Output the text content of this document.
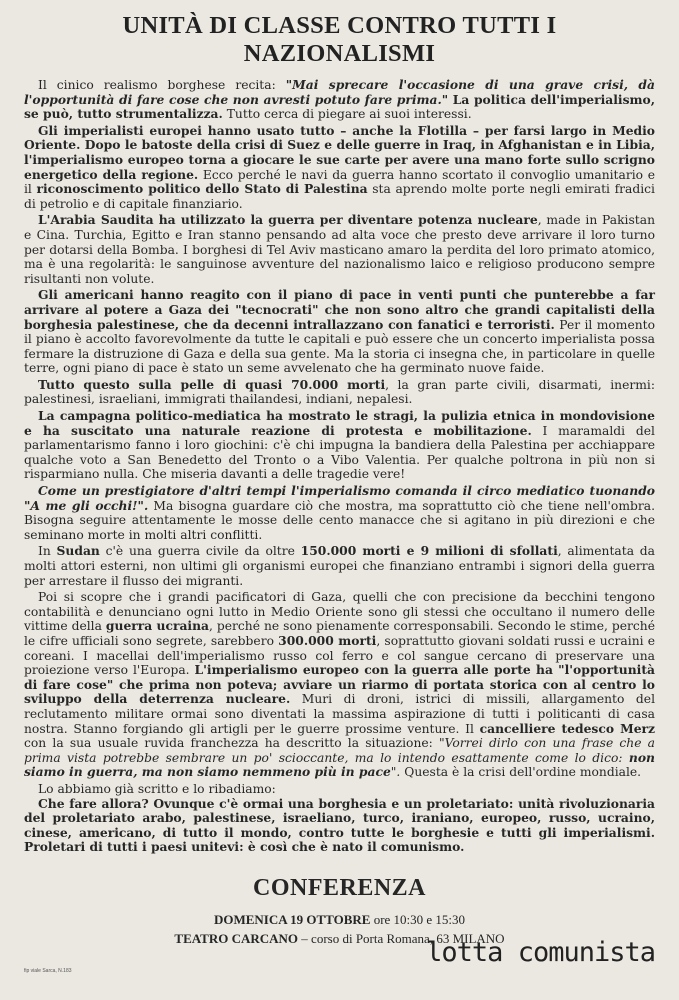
UNITÀ DI CLASSE CONTRO TUTTI I NAZIONALISMI

Il cinico realismo borghese recita: "Mai sprecare l'occasione di una grave crisi, dà l'opportunità di fare cose che non avresti potuto fare prima." La politica dell'imperialismo, se può, tutto strumentalizza. Tutto cerca di piegare ai suoi interessi.

Gli imperialisti europei hanno usato tutto – anche la Flotilla – per farsi largo in Medio Oriente. Dopo le batoste della crisi di Suez e delle guerre in Iraq, in Afghanistan e in Libia, l'imperialismo europeo torna a giocare le sue carte per avere una mano forte sullo scrigno energetico della regione. Ecco perché le navi da guerra hanno scortato il convoglio umanitario e il riconoscimento politico dello Stato di Palestina sta aprendo molte porte negli emirati fradici di petrolio e di capitale finanziario.

L'Arabia Saudita ha utilizzato la guerra per diventare potenza nucleare, made in Pakistan e Cina. Turchia, Egitto e Iran stanno pensando ad alta voce che presto deve arrivare il loro turno per dotarsi della Bomba. I borghesi di Tel Aviv masticano amaro la perdita del loro primato atomico, ma è una regolarità: le sanguinose avventure del nazionalismo laico e religioso producono sempre risultanti non volute.

Gli americani hanno reagito con il piano di pace in venti punti che punterebbe a far arrivare al potere a Gaza dei "tecnocrati" che non sono altro che grandi capitalisti della borghesia palestinese, che da decenni intrallazzano con fanatici e terroristi. Per il momento il piano è accolto favorevolmente da tutte le capitali e può essere che un concerto imperialista possa fermare la distruzione di Gaza e della sua gente. Ma la storia ci insegna che, in particolare in quelle terre, ogni piano di pace è stato un seme avvelenato che ha germinato nuove faide.

Tutto questo sulla pelle di quasi 70.000 morti, la gran parte civili, disarmati, inermi: palestinesi, israeliani, immigrati thailandesi, indiani, nepalesi.

La campagna politico-mediatica ha mostrato le stragi, la pulizia etnica in mondovisione e ha suscitato una naturale reazione di protesta e mobilitazione. I maramaldi del parlamentarismo fanno i loro giochini: c'è chi impugna la bandiera della Palestina per acchiappare qualche voto a San Benedetto del Tronto o a Vibo Valentia. Per qualche poltrona in più non si risparmiano nulla. Che miseria davanti a delle tragedie vere!

Come un prestigiatore d'altri tempi l'imperialismo comanda il circo mediatico tuonando "A me gli occhi!". Ma bisogna guardare ciò che mostra, ma soprattutto ciò che tiene nell'ombra. Bisogna seguire attentamente le mosse delle cento manacce che si agitano in più direzioni e che seminano morte in molti altri conflitti.

In Sudan c'è una guerra civile da oltre 150.000 morti e 9 milioni di sfollati, alimentata da molti attori esterni, non ultimi gli organismi europei che finanziano entrambi i signori della guerra per arrestare il flusso dei migranti.

Poi si scopre che i grandi pacificatori di Gaza, quelli che con precisione da becchini tengono contabilità e denunciano ogni lutto in Medio Oriente sono gli stessi che occultano il numero delle vittime della guerra ucraina, perché ne sono pienamente corresponsabili. Secondo le stime, perché le cifre ufficiali sono segrete, sarebbero 300.000 morti, soprattutto giovani soldati russi e ucraini e coreani. I macellai dell'imperialismo russo col ferro e col sangue cercano di preservare una proiezione verso l'Europa. L'imperialismo europeo con la guerra alle porte ha "l'opportunità di fare cose" che prima non poteva; avviare un riarmo di portata storica con al centro lo sviluppo della deterrenza nucleare. Muri di droni, istrici di missili, allargamento del reclutamento militare ormai sono diventati la massima aspirazione di tutti i politicanti di casa nostra. Stanno forgiando gli artigli per le guerre prossime venture. Il cancelliere tedesco Merz con la sua usuale ruvida franchezza ha descritto la situazione: "Vorrei dirlo con una frase che a prima vista potrebbe sembrare un po' scioccante, ma lo intendo esattamente come lo dico: non siamo in guerra, ma non siamo nemmeno più in pace". Questa è la crisi dell'ordine mondiale.

Lo abbiamo già scritto e lo ribadiamo:

Che fare allora? Ovunque c'è ormai una borghesia e un proletariato: unità rivoluzionaria del proletariato arabo, palestinese, israeliano, turco, iraniano, europeo, russo, ucraino, cinese, americano, di tutto il mondo, contro tutte le borghesie e tutti gli imperialismi. Proletari di tutti i paesi unitevi: è così che è nato il comunismo.

CONFERENZA
DOMENICA 19 OTTOBRE ore 10:30 e 15:30
TEATRO CARCANO – corso di Porta Romana, 63 MILANO
fip viale Sarca, N.183
lotta comunista
